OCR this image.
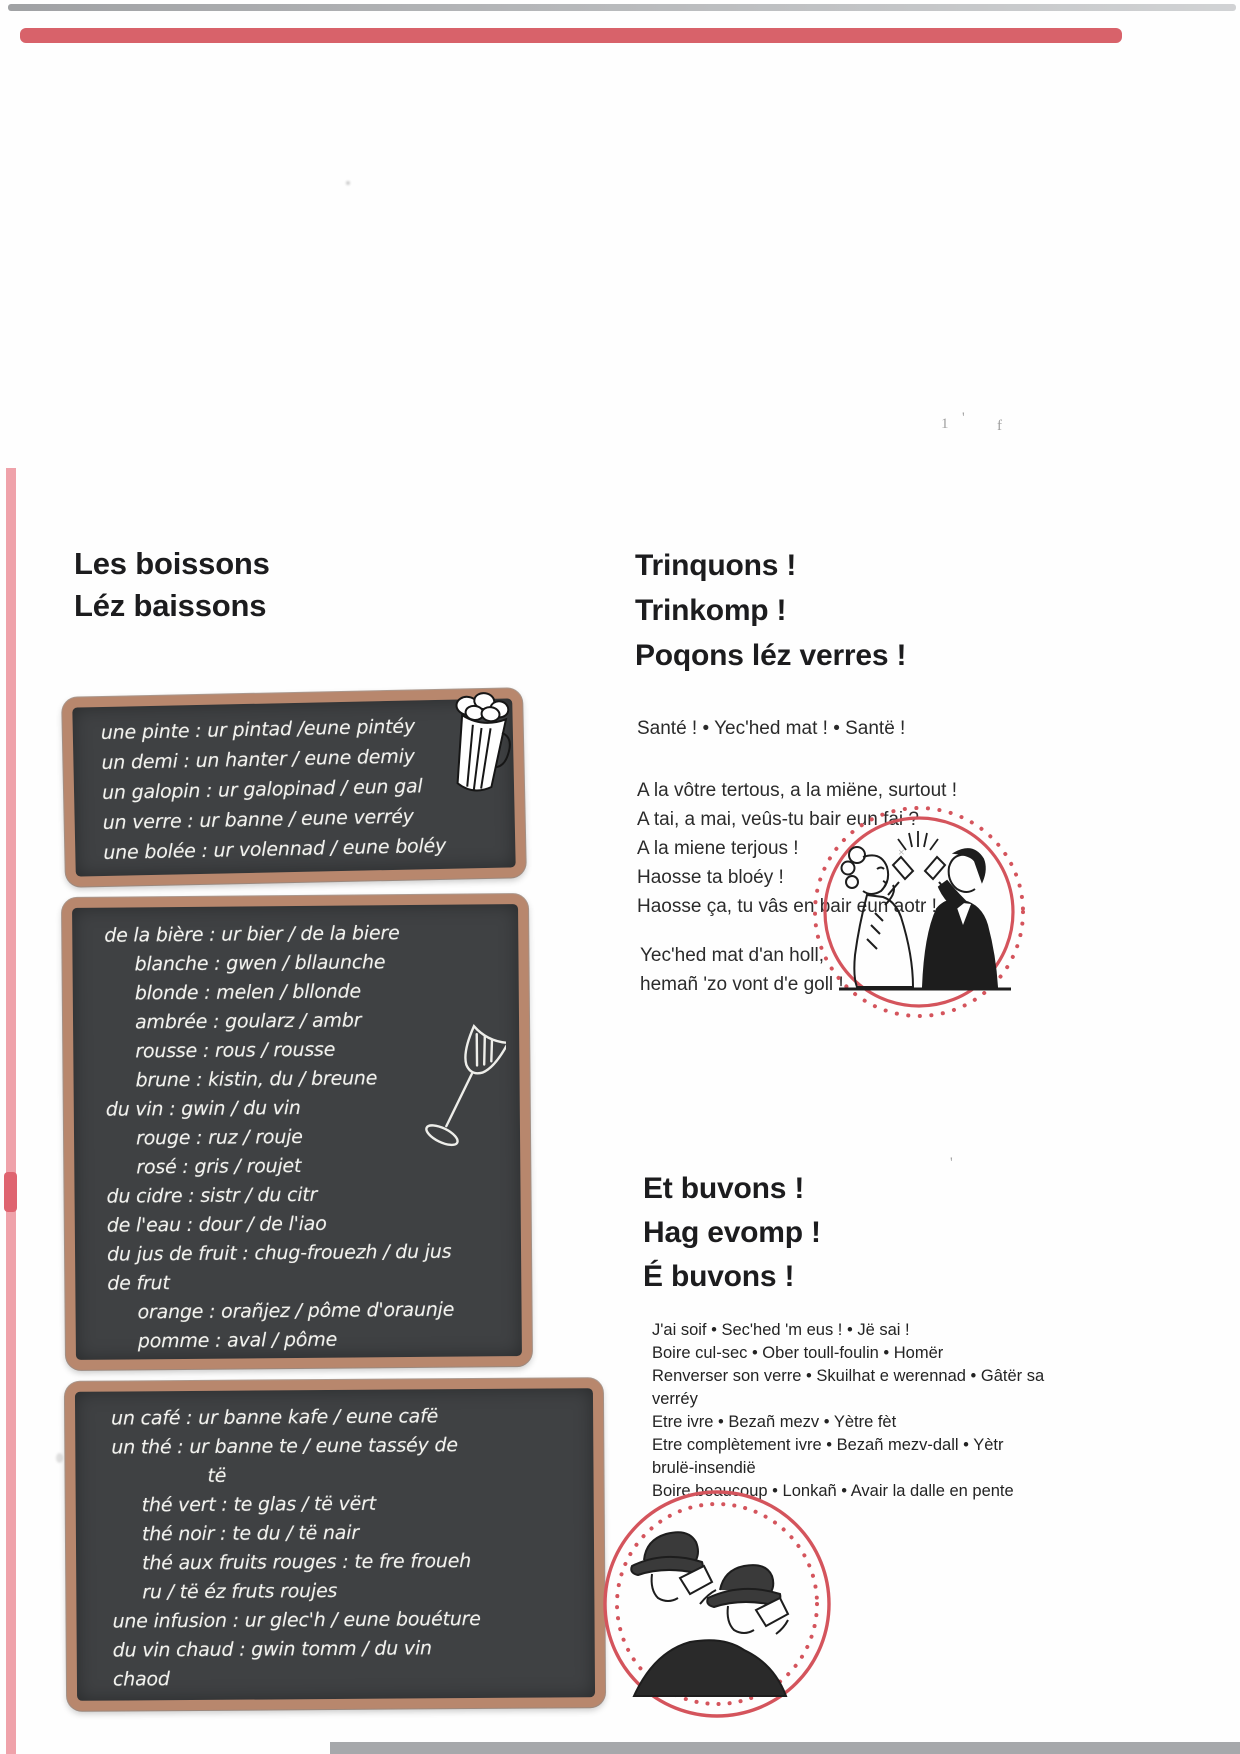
1 ' f
×
'
Les boissons
Léz baissons
une pinte : ur pintad /eune pintéy
un demi : un hanter / eune demiy
un galopin : ur galopinad / eun gal
un verre : ur banne / eune verréy
une bolée : ur volennad / eune boléy
de la bière : ur bier / de la biere
blanche : gwen / bllaunche
blonde : melen / bllonde
ambrée : goularz / ambr
rousse : rous / rousse
brune : kistin, du / breune
du vin : gwin / du vin
rouge : ruz / rouje
rosé : gris / roujet
du cidre : sistr / du citr
de l'eau : dour / de l'iao
du jus de fruit : chug-frouezh / du jus
de frut
orange : orañjez / pôme d'oraunje
pomme : aval / pôme
un café : ur banne kafe / eune cafë
un thé : ur banne te / eune tasséy de
të
thé vert : te glas / të vërt
thé noir : te du / të nair
thé aux fruits rouges : te fre froueh
ru / të éz fruts roujes
une infusion : ur glec'h / eune bouéture
du vin chaud : gwin tomm / du vin
chaod
Trinquons !
Trinkomp !
Poqons léz verres !
Santé ! • Yec'hed mat ! • Santë !
A la vôtre tertous, a la miëne, surtout !
A tai, a mai, veûs-tu bair eun fai ?
A la miene terjous !
Haosse ta bloéy !
Haosse ça, tu vâs en bair eun aotr !
Yec'hed mat d'an holl,
hemañ 'zo vont d'e goll !
Et buvons !
Hag evomp !
É buvons !
J'ai soif • Sec'hed 'm eus ! • Jë sai !
Boire cul-sec • Ober toull-foulin • Homër
Renverser son verre • Skuilhat e werennad • Gâtër sa
verréy
Etre ivre • Bezañ mezv • Yètre fèt
Etre complètement ivre • Bezañ mezv-dall • Yètr
brulë-insendië
Boire beaucoup • Lonkañ • Avair la dalle en pente
